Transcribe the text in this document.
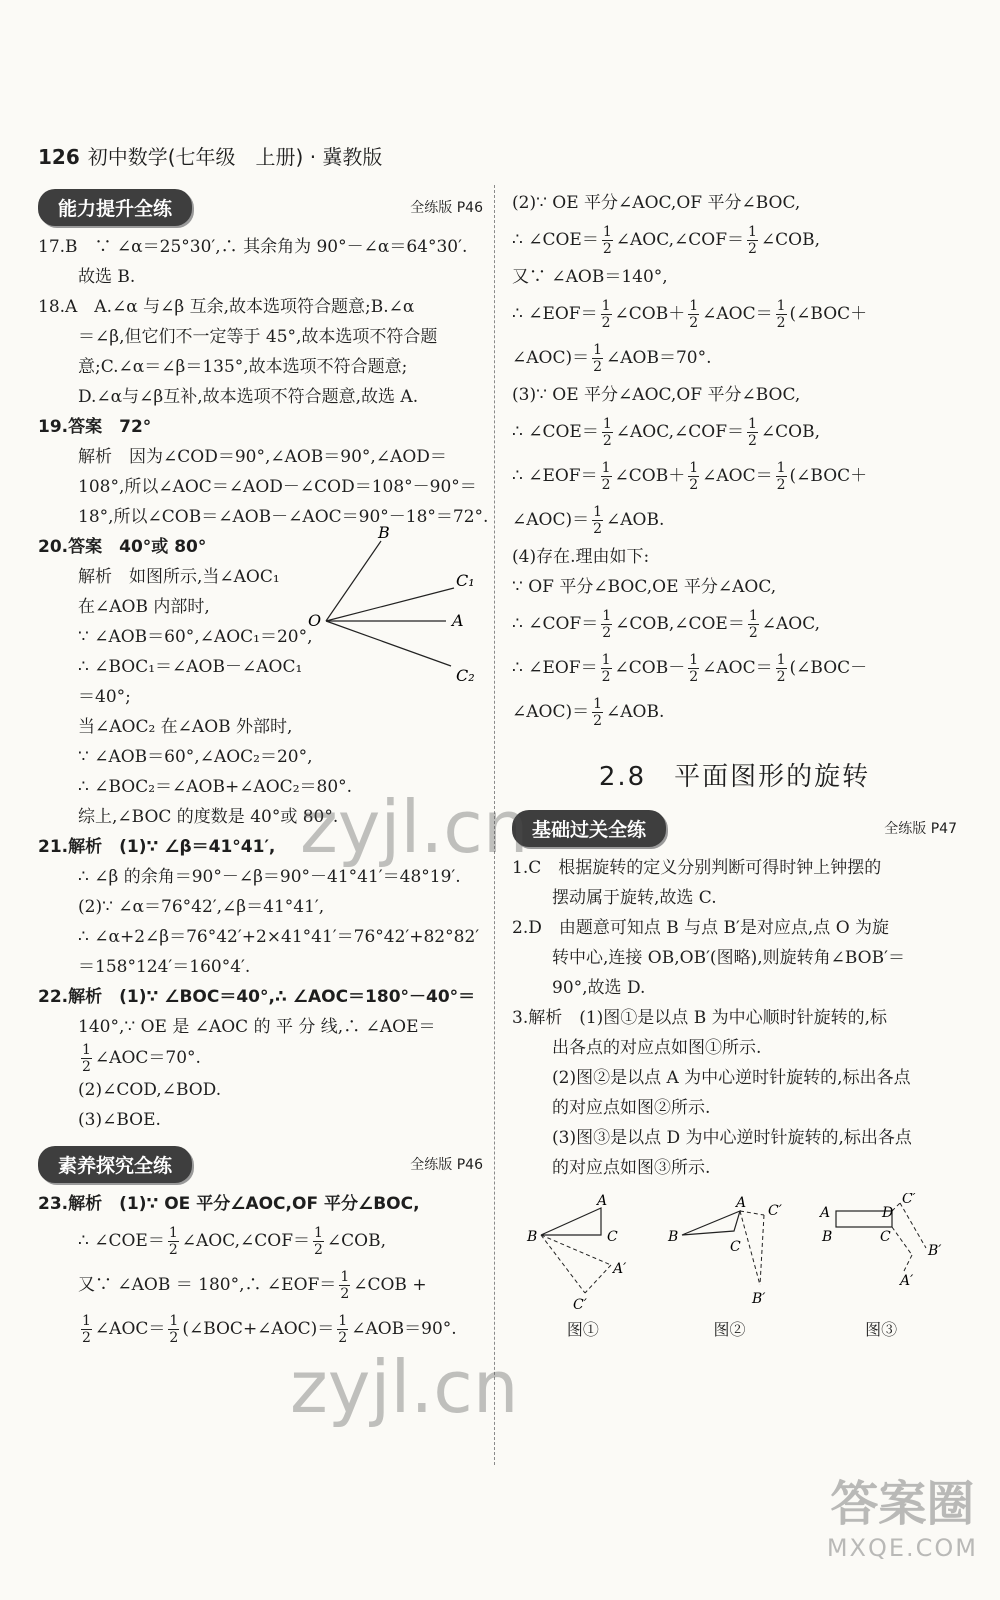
126 初中数学(七年级　上册) · 冀教版
能力提升全练	全练版 P46
17.B　∵ ∠α＝25°30′,∴ 其余角为 90°－∠α＝64°30′.
故选 B.
18.A　A.∠α 与∠β 互余,故本选项符合题意;B.∠α
＝∠β,但它们不一定等于 45°,故本选项不符合题
意;C.∠α＝∠β＝135°,故本选项不符合题意;
D.∠α与∠β互补,故本选项不符合题意,故选 A.
19.答案　72°
解析　因为∠COD＝90°,∠AOB＝90°,∠AOD＝
108°,所以∠AOC＝∠AOD－∠COD＝108°－90°＝
18°,所以∠COB＝∠AOB－∠AOC＝90°－18°＝72°.
20.答案　40°或 80°
解析　如图所示,当∠AOC₁
在∠AOB 内部时,
∵ ∠AOB＝60°,∠AOC₁＝20°,
∴ ∠BOC₁＝∠AOB－∠AOC₁
＝40°;
当∠AOC₂ 在∠AOB 外部时,
∵ ∠AOB＝60°,∠AOC₂＝20°,
∴ ∠BOC₂＝∠AOB+∠AOC₂＝80°.
综上,∠BOC 的度数是 40°或 80°.
B
C₁
O	A
C₂
21.解析　(1)∵ ∠β＝41°41′,
∴ ∠β 的余角＝90°－∠β＝90°－41°41′＝48°19′.
(2)∵ ∠α＝76°42′,∠β＝41°41′,
∴ ∠α+2∠β＝76°42′+2×41°41′＝76°42′+82°82′
＝158°124′＝160°4′.
22.解析　(1)∵ ∠BOC＝40°,∴ ∠AOC＝180°－40°＝
140°,∵ OE 是 ∠AOC 的 平 分 线,∴ ∠AOE＝
$\frac{1}{2}$ ∠AOC＝70°.
(2)∠COD,∠BOD.
(3)∠BOE.
素养探究全练	全练版 P46
23.解析　(1)∵ OE 平分∠AOC,OF 平分∠BOC,
∴ ∠COE＝ $\frac{1}{2}$ ∠AOC,∠COF＝ $\frac{1}{2}$ ∠COB,
又∵ ∠AOB ＝ 180°,∴ ∠EOF＝ $\frac{1}{2}$ ∠COB +
$\frac{1}{2}$ ∠AOC＝ $\frac{1}{2}$ (∠BOC+∠AOC)＝ $\frac{1}{2}$ ∠AOB＝90°.
(2)∵ OE 平分∠AOC,OF 平分∠BOC,
∴ ∠COE＝ $\frac{1}{2}$ ∠AOC,∠COF＝ $\frac{1}{2}$ ∠COB,
又∵ ∠AOB＝140°,
∴ ∠EOF＝ $\frac{1}{2}$ ∠COB＋ $\frac{1}{2}$ ∠AOC＝ $\frac{1}{2}$ (∠BOC＋
∠AOC)＝ $\frac{1}{2}$ ∠AOB＝70°.
(3)∵ OE 平分∠AOC,OF 平分∠BOC,
∴ ∠COE＝ $\frac{1}{2}$ ∠AOC,∠COF＝ $\frac{1}{2}$ ∠COB,
∴ ∠EOF＝ $\frac{1}{2}$ ∠COB＋ $\frac{1}{2}$ ∠AOC＝ $\frac{1}{2}$ (∠BOC＋
∠AOC)＝ $\frac{1}{2}$ ∠AOB.
(4)存在.理由如下:
∵ OF 平分∠BOC,OE 平分∠AOC,
∴ ∠COF＝ $\frac{1}{2}$ ∠COB,∠COE＝ $\frac{1}{2}$ ∠AOC,
∴ ∠EOF＝ $\frac{1}{2}$ ∠COB－ $\frac{1}{2}$ ∠AOC＝ $\frac{1}{2}$ (∠BOC－
∠AOC)＝ $\frac{1}{2}$ ∠AOB.
2.8　平面图形的旋转
基础过关全练	全练版 P47
1.C　根据旋转的定义分别判断可得时钟上钟摆的
摆动属于旋转,故选 C.
2.D　由题意可知点 B 与点 B′是对应点,点 O 为旋
转中心,连接 OB,OB′(图略),则旋转角∠BOB′＝
90°,故选 D.
3.解析　(1)图①是以点 B 为中心顺时针旋转的,标
出各点的对应点如图①所示.
(2)图②是以点 A 为中心逆时针旋转的,标出各点
的对应点如图②所示.
(3)图③是以点 D 为中心逆时针旋转的,标出各点
的对应点如图③所示.
A
B	C
A′
C′
图①
A
B
C
C′
B′
图②
A
B	C
D
C′
B′
A′
图③
zyjl.cn
zyjl.cn
答案圈
MXQE.COM
